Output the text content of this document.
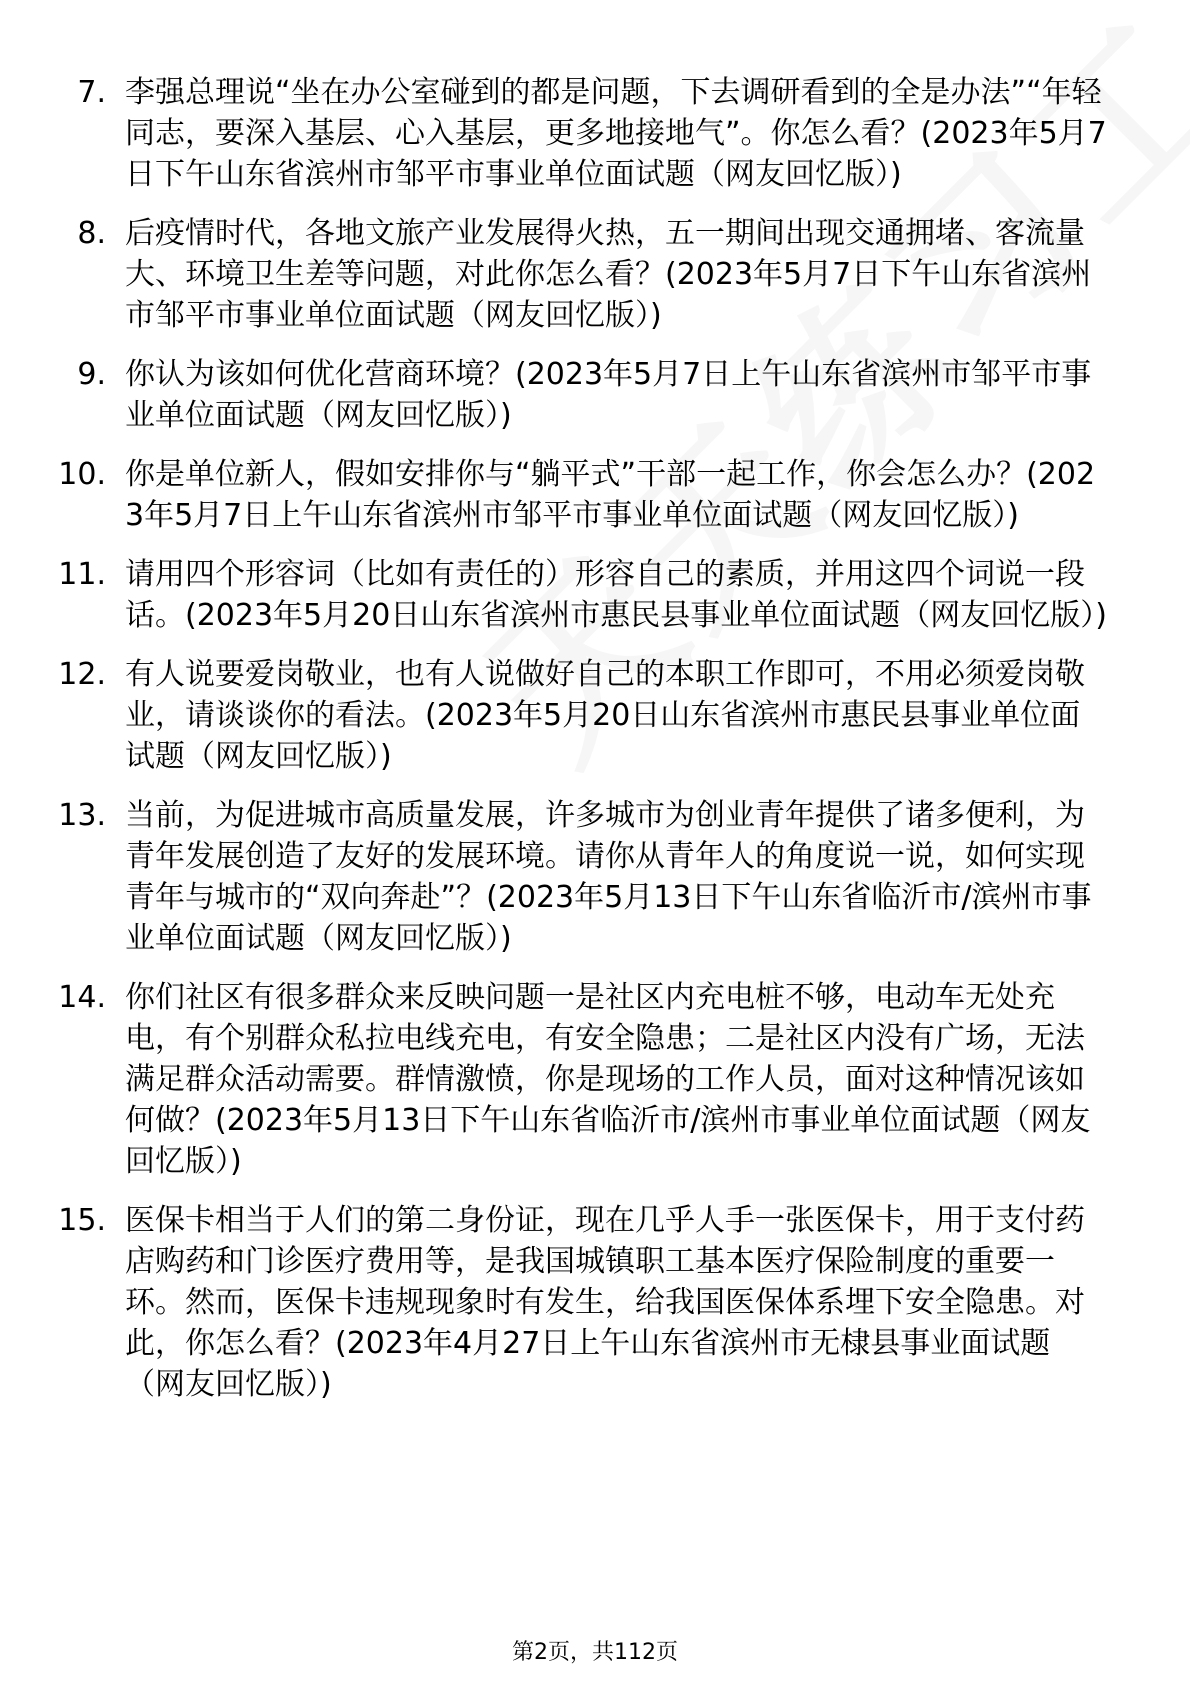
7. 李强总理说“坐在办公室碰到的都是问题，下去调研看到的全是办法”“年轻同志，要深入基层、心入基层，更多地接地气”。你怎么看？(2023年5月7日下午山东省滨州市邹平市事业单位面试题（网友回忆版）)
8. 后疫情时代，各地文旅产业发展得火热，五一期间出现交通拥堵、客流量大、环境卫生差等问题，对此你怎么看？(2023年5月7日下午山东省滨州市邹平市事业单位面试题（网友回忆版）)
9. 你认为该如何优化营商环境？(2023年5月7日上午山东省滨州市邹平市事业单位面试题（网友回忆版）)
10. 你是单位新人，假如安排你与“躺平式”干部一起工作，你会怎么办？(2023年5月7日上午山东省滨州市邹平市事业单位面试题（网友回忆版）)
11. 请用四个形容词（比如有责任的）形容自己的素质，并用这四个词说一段话。(2023年5月20日山东省滨州市惠民县事业单位面试题（网友回忆版）)
12. 有人说要爱岗敬业，也有人说做好自己的本职工作即可，不用必须爱岗敬业，请谈谈你的看法。(2023年5月20日山东省滨州市惠民县事业单位面试题（网友回忆版）)
13. 当前，为促进城市高质量发展，许多城市为创业青年提供了诸多便利，为青年发展创造了友好的发展环境。请你从青年人的角度说一说，如何实现青年与城市的“双向奔赴”？(2023年5月13日下午山东省临沂市/滨州市事业单位面试题（网友回忆版）)
14. 你们社区有很多群众来反映问题一是社区内充电桩不够，电动车无处充电，有个别群众私拉电线充电，有安全隐患；二是社区内没有广场，无法满足群众活动需要。群情激愤，你是现场的工作人员，面对这种情况该如何做？(2023年5月13日下午山东省临沂市/滨州市事业单位面试题（网友回忆版）)
15. 医保卡相当于人们的第二身份证，现在几乎人手一张医保卡，用于支付药店购药和门诊医疗费用等，是我国城镇职工基本医疗保险制度的重要一环。然而，医保卡违规现象时有发生，给我国医保体系埋下安全隐患。对此，你怎么看？(2023年4月27日上午山东省滨州市无棣县事业面试题（网友回忆版）)
第2页，共112页
